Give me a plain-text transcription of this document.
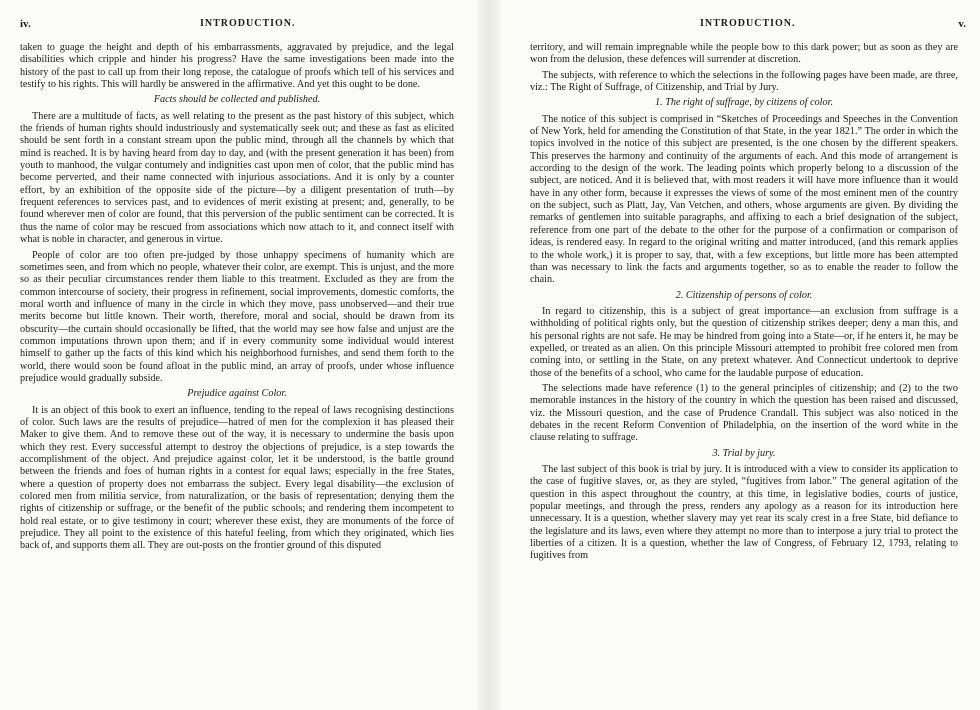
iv.	INTRODUCTION.

taken to guage the height and depth of his embarrassments, aggravated by prejudice, and the legal disabilities which cripple and hinder his progress? Have the same investigations been made into the history of the past to call up from their long repose, the catalogue of proofs which tell of his services and testify to his rights. This will hardly be answered in the affirmative. And yet this ought to be done.

Facts should be collected and published.

There are a multitude of facts, as well relating to the present as the past history of this subject, which the friends of human rights should industriously and systematically seek out; and these as fast as elicited should be sent forth in a constant stream upon the public mind, through all the channels by which that mind is reached. It is by having heard from day to day, and (with the present generation it has been) from youth to manhood, the vulgar contumely and indignities cast upon men of color, that the public mind has become perverted, and their name connected with injurious associations. And it is only by a counter effort, by an exhibition of the opposite side of the picture—by a diligent presentation of truth—by frequent references to services past, and to evidences of merit existing at present; and, generally, to be found wherever men of color are found, that this perversion of the public sentiment can be corrected. It is thus the name of color may be rescued from associations which now attach to it, and connect itself with what is noble in character, and generous in virtue.

People of color are too often pre-judged by those unhappy specimens of humanity which are sometimes seen, and from which no people, whatever their color, are exempt. This is unjust, and the more so as their peculiar circumstances render them liable to this treatment. Excluded as they are from the common intercourse of society, their progress in refinement, social improvements, domestic comforts, the moral worth and influence of many in the circle in which they move, pass unobserved—and their true merits become but little known. Their worth, therefore, moral and social, should be drawn from its obscurity—the curtain should occasionally be lifted, that the world may see how false and unjust are the common imputations thrown upon them; and if in every community some individual would interest himself to gather up the facts of this kind which his neighborhood furnishes, and send them forth to the world, there would soon be found afloat in the public mind, an array of proofs, under whose influence prejudice would gradually subside.

Prejudice against Color.

It is an object of this book to exert an influence, tending to the repeal of laws recognising destinctions of color. Such laws are the results of prejudice—hatred of men for the complexion it has pleased their Maker to give them. And to remove these out of the way, it is necessary to undermine the basis upon which they rest. Every successful attempt to destroy the objections of prejudice, is a step towards the accomplishment of the object. And prejudice against color, let it be understood, is the battle ground between the friends and foes of human rights in a contest for equal laws; especially in the free States, where a question of property does not embarrass the subject. Every legal disability—the exclusion of colored men from militia service, from naturalization, or the basis of representation; denying them the rights of citizenship or suffrage, or the benefit of the public schools; and rendering them incompetent to hold real estate, or to give testimony in court; wherever these exist, they are monuments of the force of prejudice. They all point to the existence of this hateful feeling, from which they originated, which lies back of, and supports them all. They are out-posts on the frontier ground of this disputed

INTRODUCTION.	v.

territory, and will remain impregnable while the people bow to this dark power; but as soon as they are won from the delusion, these defences will surrender at discretion.

The subjects, with reference to which the selections in the following pages have been made, are three, viz.: The Right of Suffrage, of Citizenship, and Trial by Jury.

1. The right of suffrage, by citizens of color.

The notice of this subject is comprised in “Sketches of Proceedings and Speeches in the Convention of New York, held for amending the Constitution of that State, in the year 1821.” The order in which the topics involved in the notice of this subject are presented, is the one chosen by the different speakers. This preserves the harmony and continuity of the arguments of each. And this mode of arrangement is according to the design of the work. The leading points which properly belong to a discussion of the subject, are noticed. And it is believed that, with most readers it will have more influence than it would have in any other form, because it expresses the views of some of the most eminent men of the country on the subject, such as Platt, Jay, Van Vetchen, and others, whose arguments are given. By dividing the remarks of gentlemen into suitable paragraphs, and affixing to each a brief designation of the subject, reference from one part of the debate to the other for the purpose of a confirmation or comparison of ideas, is rendered easy. In regard to the original writing and matter introduced, (and this remark applies to the whole work,) it is proper to say, that, with a few exceptions, but little more has been attempted than was necessary to link the facts and arguments together, so as to enable the reader to follow the chain.

2. Citizenship of persons of color.

In regard to citizenship, this is a subject of great importance—an exclusion from suffrage is a withholding of political rights only, but the question of citizenship strikes deeper; deny a man this, and his personal rights are not safe. He may be hindred from going into a State—or, if he enters it, he may be expelled, or treated as an alien. On this principle Missouri attempted to prohibit free colored men from coming into, or settling in the State, on any pretext whatever. And Connecticut undertook to deprive those of the benefits of a school, who came for the laudable purpose of education.

The selections made have reference (1) to the general principles of citizenship; and (2) to the two memorable instances in the history of the country in which the question has been raised and discussed, viz. the Missouri question, and the case of Prudence Crandall. This subject was also noticed in the debates in the recent Reform Convention of Philadelphia, on the insertion of the word white in the clause relating to suffrage.

3. Trial by jury.

The last subject of this book is trial by jury. It is introduced with a view to consider its application to the case of fugitive slaves, or, as they are styled, “fugitives from labor.” The general agitation of the question in this aspect throughout the country, at this time, in legislative bodies, courts of justice, popular meetings, and through the press, renders any apology as a reason for its introduction here unnecessary. It is a question, whether slavery may yet rear its scaly crest in a free State, bid defiance to the legislature and its laws, even where they attempt no more than to interpose a jury trial to protect the liberties of a citizen. It is a question, whether the law of Congress, of February 12, 1793, relating to fugitives from
